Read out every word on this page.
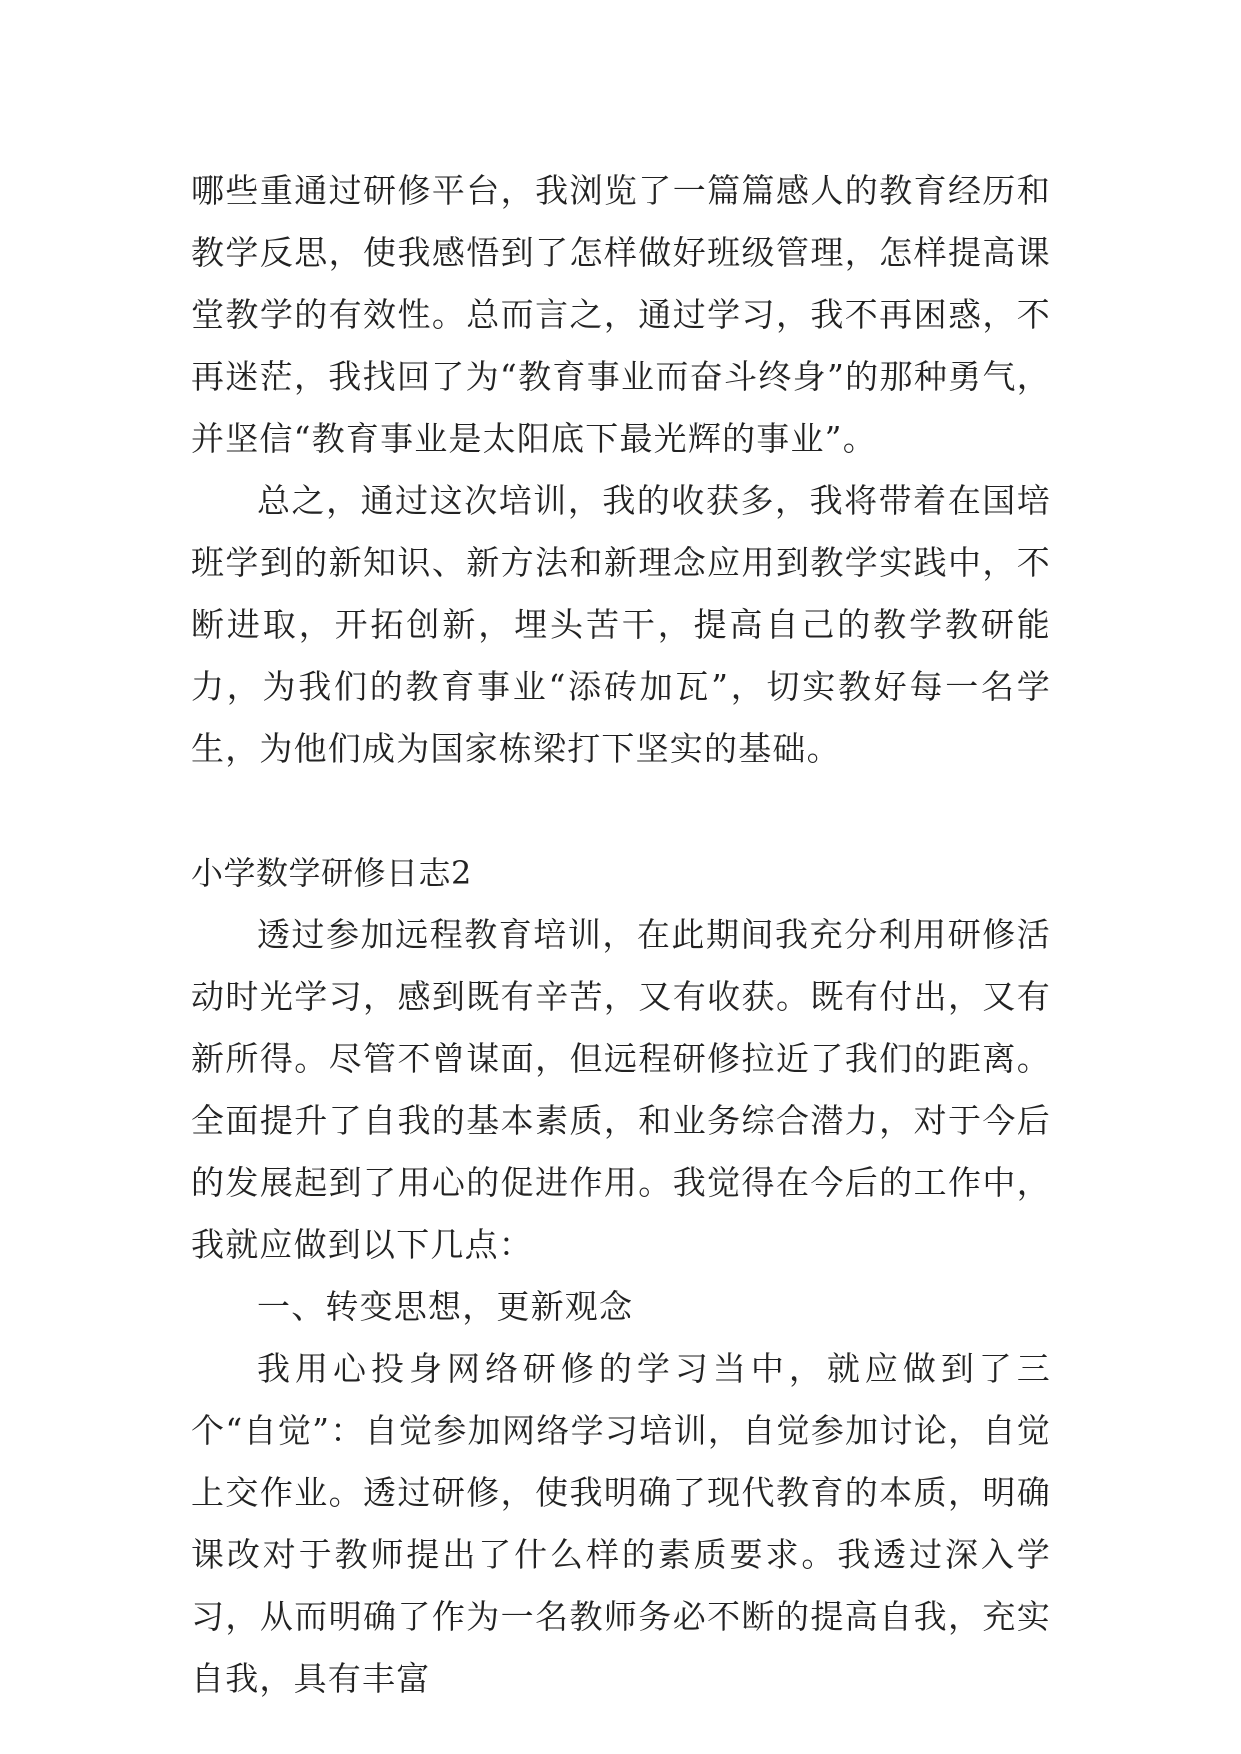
哪些重通过研修平台，我浏览了一篇篇感人的教育经历和教学反思，使我感悟到了怎样做好班级管理，怎样提高课堂教学的有效性。总而言之，通过学习，我不再困惑，不再迷茫，我找回了为“教育事业而奋斗终身”的那种勇气，并坚信“教育事业是太阳底下最光辉的事业”。

总之，通过这次培训，我的收获多，我将带着在国培班学到的新知识、新方法和新理念应用到教学实践中，不断进取，开拓创新，埋头苦干，提高自己的教学教研能力，为我们的教育事业“添砖加瓦”，切实教好每一名学生，为他们成为国家栋梁打下坚实的基础。

小学数学研修日志2

透过参加远程教育培训，在此期间我充分利用研修活动时光学习，感到既有辛苦，又有收获。既有付出，又有新所得。尽管不曾谋面，但远程研修拉近了我们的距离。全面提升了自我的基本素质，和业务综合潜力，对于今后的发展起到了用心的促进作用。我觉得在今后的工作中，我就应做到以下几点：

一、转变思想，更新观念

我用心投身网络研修的学习当中，就应做到了三个“自觉”：自觉参加网络学习培训，自觉参加讨论，自觉上交作业。透过研修，使我明确了现代教育的本质，明确课改对于教师提出了什么样的素质要求。我透过深入学习，从而明确了作为一名教师务必不断的提高自我，充实自我，具有丰富
